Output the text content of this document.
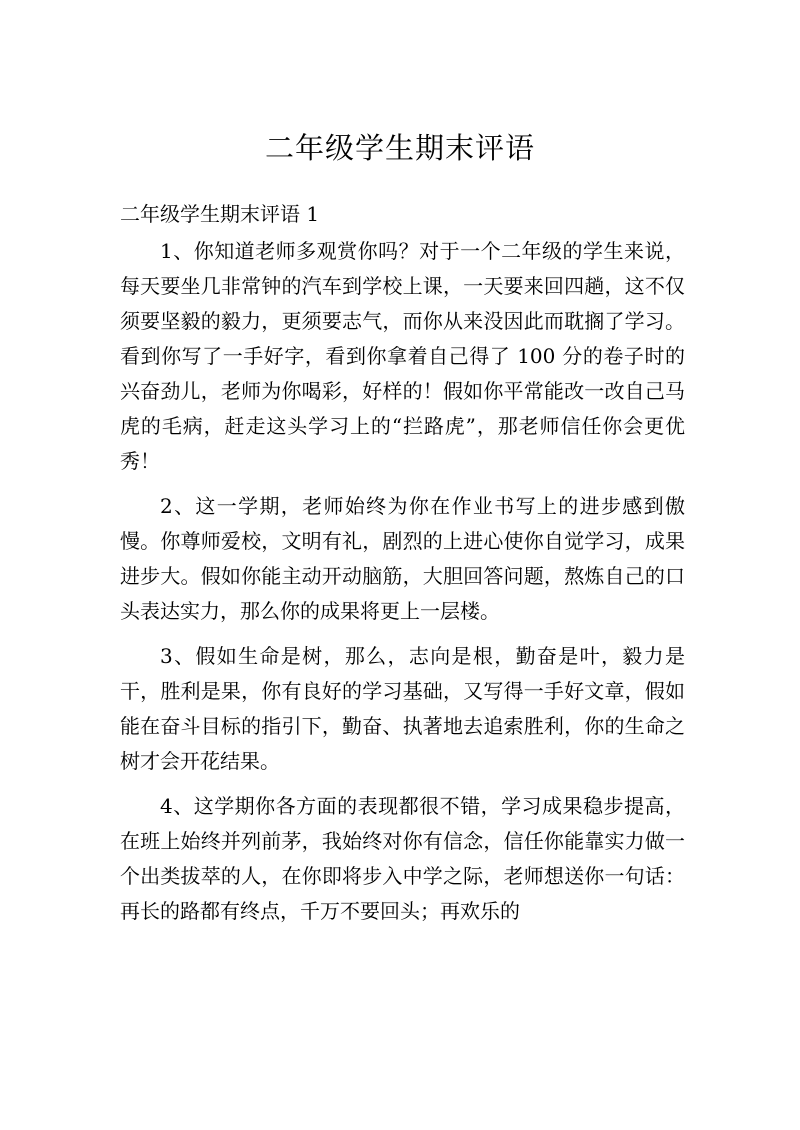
二年级学生期末评语
二年级学生期末评语 1

1、你知道老师多观赏你吗？对于一个二年级的学生来说，每天要坐几非常钟的汽车到学校上课，一天要来回四趟，这不仅须要坚毅的毅力，更须要志气，而你从来没因此而耽搁了学习。看到你写了一手好字，看到你拿着自己得了 100 分的卷子时的兴奋劲儿，老师为你喝彩，好样的！假如你平常能改一改自己马虎的毛病，赶走这头学习上的“拦路虎”，那老师信任你会更优秀！

2、这一学期，老师始终为你在作业书写上的进步感到傲慢。你尊师爱校，文明有礼，剧烈的上进心使你自觉学习，成果进步大。假如你能主动开动脑筋，大胆回答问题，熬炼自己的口头表达实力，那么你的成果将更上一层楼。

3、假如生命是树，那么，志向是根，勤奋是叶，毅力是干，胜利是果，你有良好的学习基础，又写得一手好文章，假如能在奋斗目标的指引下，勤奋、执著地去追索胜利，你的生命之树才会开花结果。

4、这学期你各方面的表现都很不错，学习成果稳步提高，在班上始终并列前茅，我始终对你有信念，信任你能靠实力做一个出类拔萃的人，在你即将步入中学之际，老师想送你一句话：再长的路都有终点，千万不要回头；再欢乐的
